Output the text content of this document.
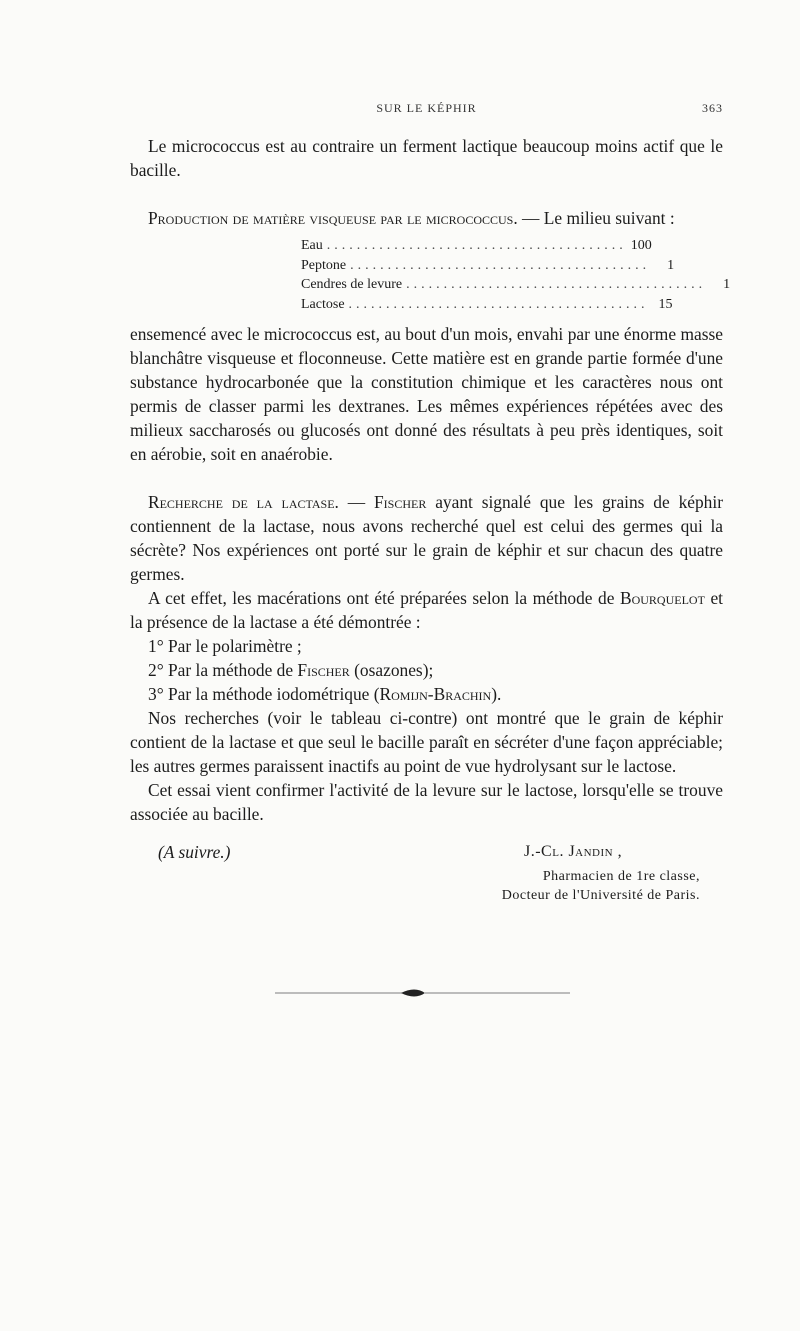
SUR LE KÉPHIR	363

Le micrococcus est au contraire un ferment lactique beaucoup moins actif que le bacille.

Production de matière visqueuse par le micrococcus. — Le milieu suivant :

Eau ........................................ 100
Peptone ........................................	1
Cendres de levure ........................................	1
Lactose ........................................ 15

ensemencé avec le micrococcus est, au bout d'un mois, envahi par une énorme masse blanchâtre visqueuse et floconneuse. Cette matière est en grande partie formée d'une substance hydrocarbonée que la constitution chimique et les caractères nous ont permis de classer parmi les dextranes. Les mêmes expériences répétées avec des milieux saccharosés ou glucosés ont donné des résultats à peu près identiques, soit en aérobie, soit en anaérobie.

Recherche de la lactase. — Fischer ayant signalé que les grains de képhir contiennent de la lactase, nous avons recherché quel est celui des germes qui la sécrète? Nos expériences ont porté sur le grain de képhir et sur chacun des quatre germes.

A cet effet, les macérations ont été préparées selon la méthode de Bourquelot et la présence de la lactase a été démontrée :

1° Par le polarimètre ;

2° Par la méthode de Fischer (osazones);

3° Par la méthode iodométrique (Romijn-Brachin).

Nos recherches (voir le tableau ci-contre) ont montré que le grain de képhir contient de la lactase et que seul le bacille paraît en sécréter d'une façon appréciable; les autres germes paraissent inactifs au point de vue hydrolysant sur le lactose.

Cet essai vient confirmer l'activité de la levure sur le lactose, lorsqu'elle se trouve associée au bacille.

(A suivre.)	J.-Cl. Jandin ,
Pharmacien de 1re classe,
Docteur de l'Université de Paris.
